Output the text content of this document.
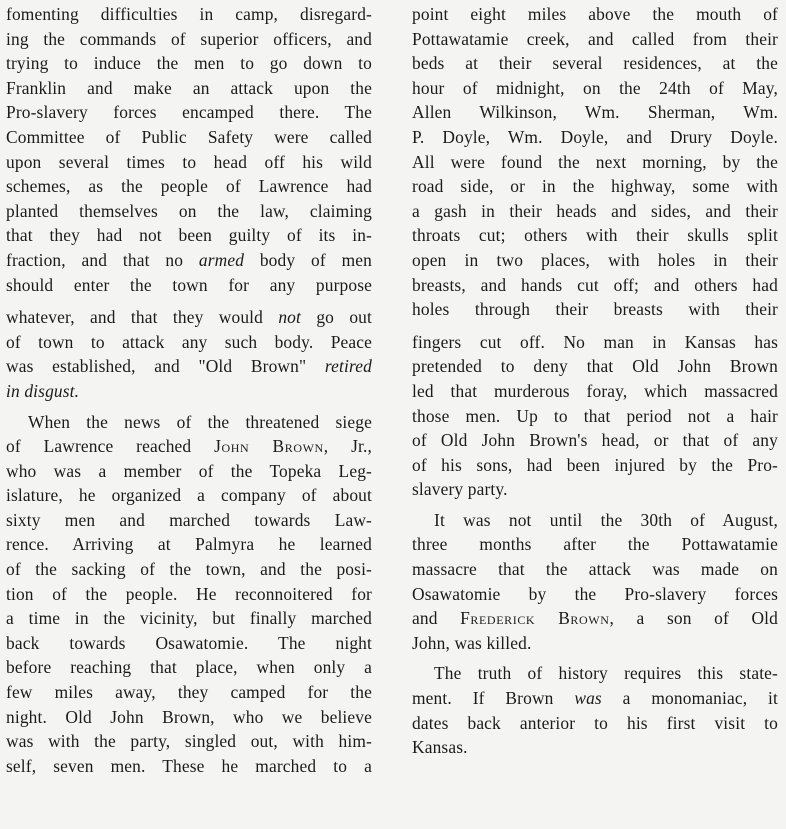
fomenting difficulties in camp, disregard-
ing the commands of superior officers, and
trying to induce the men to go down to
Franklin and make an attack upon the
Pro-slavery forces encamped there. The
Committee of Public Safety were called
upon several times to head off his wild
schemes, as the people of Lawrence had
planted themselves on the law, claiming
that they had not been guilty of its in-
fraction, and that no armed body of men
should enter the town for any purpose
whatever, and that they would not go out
of town to attack any such body. Peace
was established, and "Old Brown" retired
in disgust.
When the news of the threatened siege
of Lawrence reached John Brown, Jr.,
who was a member of the Topeka Leg-
islature, he organized a company of about
sixty men and marched towards Law-
rence. Arriving at Palmyra he learned
of the sacking of the town, and the posi-
tion of the people. He reconnoitered for
a time in the vicinity, but finally marched
back towards Osawatomie. The night
before reaching that place, when only a
few miles away, they camped for the
night. Old John Brown, who we believe
was with the party, singled out, with him-
self, seven men. These he marched to a
point eight miles above the mouth of
Pottawatamie creek, and called from their
beds at their several residences, at the
hour of midnight, on the 24th of May,
Allen Wilkinson, Wm. Sherman, Wm.
P. Doyle, Wm. Doyle, and Drury Doyle.
All were found the next morning, by the
road side, or in the highway, some with
a gash in their heads and sides, and their
throats cut; others with their skulls split
open in two places, with holes in their
breasts, and hands cut off; and others had
holes through their breasts with their
fingers cut off. No man in Kansas has
pretended to deny that Old John Brown
led that murderous foray, which massacred
those men. Up to that period not a hair
of Old John Brown's head, or that of any
of his sons, had been injured by the Pro-
slavery party.
It was not until the 30th of August,
three months after the Pottawatamie
massacre that the attack was made on
Osawatomie by the Pro-slavery forces
and Frederick Brown, a son of Old
John, was killed.
The truth of history requires this state-
ment. If Brown was a monomaniac, it
dates back anterior to his first visit to
Kansas.
